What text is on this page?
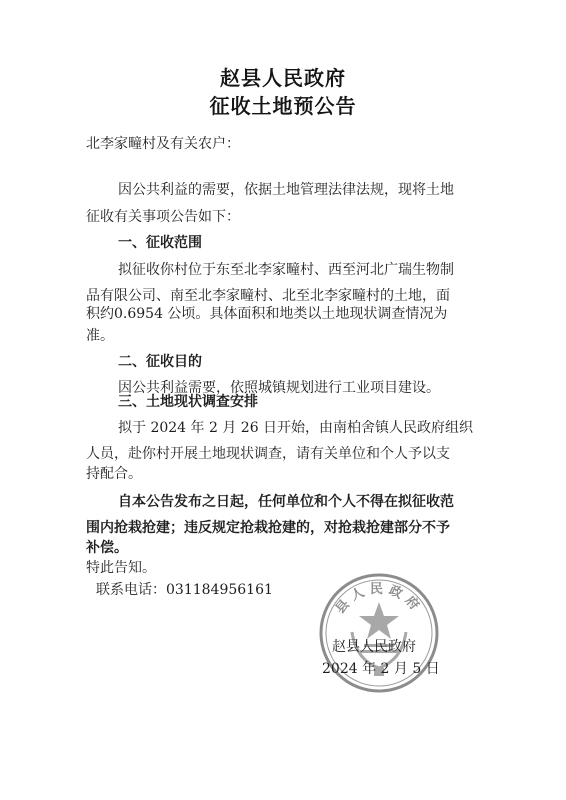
赵县人民政府
征收土地预公告
北李家疃村及有关农户：
因公共利益的需要，依据土地管理法律法规，现将土地
征收有关事项公告如下：
一、征收范围
拟征收你村位于东至北李家疃村、西至河北广瑞生物制
品有限公司、南至北李家疃村、北至北李家疃村的土地，面
积约0.6954 公顷。具体面积和地类以土地现状调查情况为
准。
二、征收目的
因公共利益需要，依照城镇规划进行工业项目建设。
三、土地现状调查安排
拟于 2024 年 2 月 26 日开始，由南柏舍镇人民政府组织
人员，赴你村开展土地现状调查，请有关单位和个人予以支
持配合。
自本公告发布之日起，任何单位和个人不得在拟征收范
围内抢栽抢建；违反规定抢栽抢建的，对抢栽抢建部分不予
补偿。
特此告知。
联系电话：031184956161
县人民政府
赵县人民政府
2024 年 2 月 5 日
